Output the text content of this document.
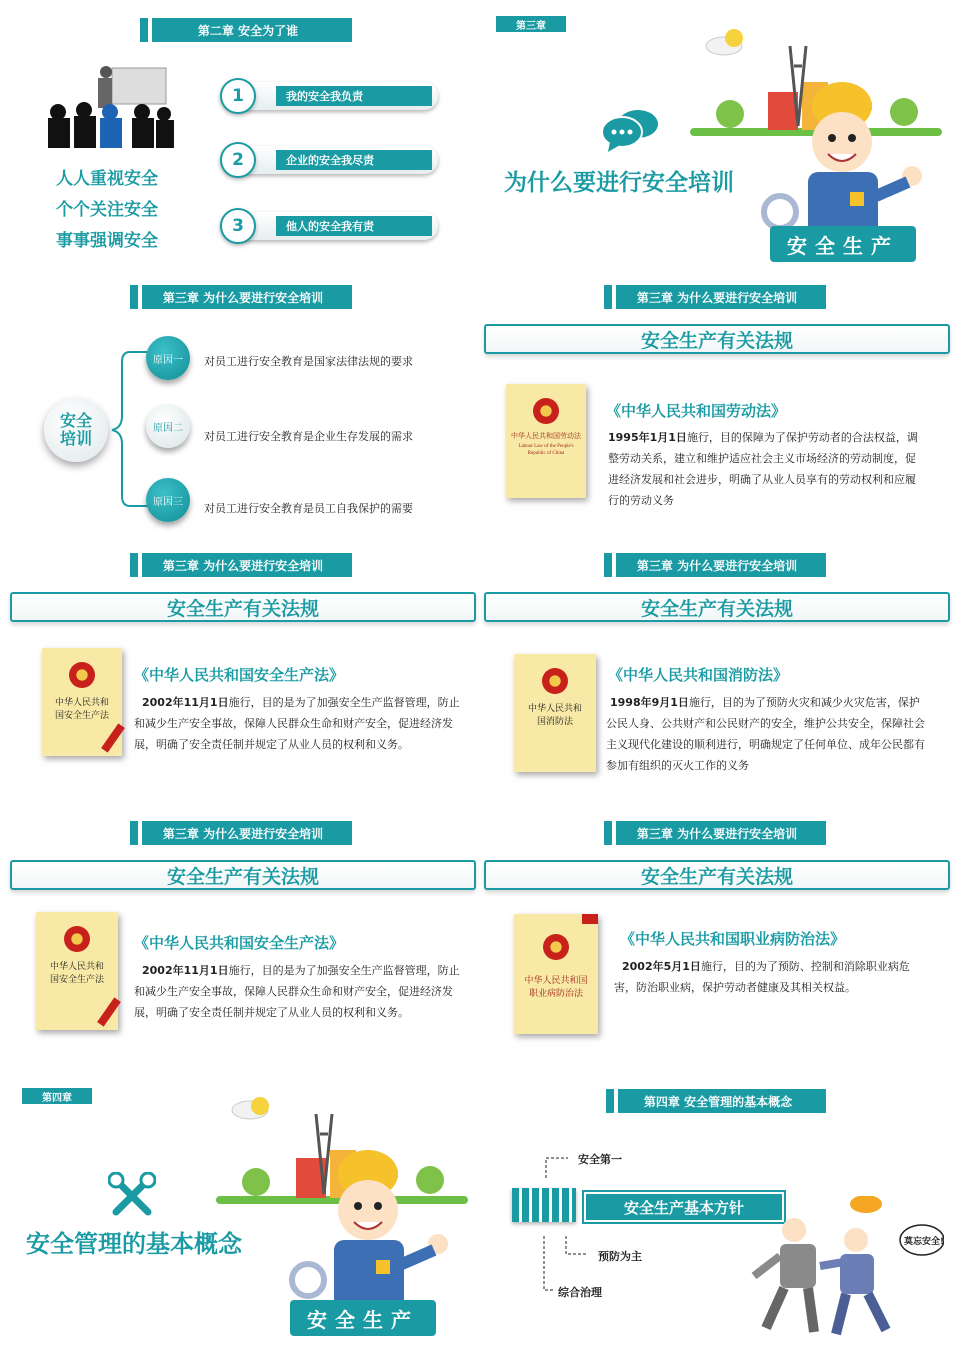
第二章 安全为了谁
人人重视安全
个个关注安全
事事强调安全
我的安全我负责
1
企业的安全我尽责
2
他人的安全我有责
3
第三章
为什么要进行安全培训
安全生产
第三章 为什么要进行安全培训
安全培训
原因一	对员工进行安全教育是国家法律法规的要求
原因二
对员工进行安全教育是企业生存发展的需求
原因三	对员工进行安全教育是员工自我保护的需要
第三章 为什么要进行安全培训
安全生产有关法规
中华人民共和国劳动法
Labour Law of the People's Republic of China
《中华人民共和国劳动法》
1995年1月1日施行，目的保障为了保护劳动者的合法权益，调整劳动关系，建立和维护适应社会主义市场经济的劳动制度，促进经济发展和社会进步，明确了从业人员享有的劳动权利和应履行的劳动义务
第三章 为什么要进行安全培训
安全生产有关法规
中华人民共和国安全生产法
《中华人民共和国安全生产法》
2002年11月1日施行，目的是为了加强安全生产监督管理，防止和减少生产安全事故，保障人民群众生命和财产安全，促进经济发展，明确了安全责任制并规定了从业人员的权利和义务。
第三章 为什么要进行安全培训
安全生产有关法规
中华人民共和国消防法
《中华人民共和国消防法》
1998年9月1日施行，目的为了预防火灾和减少火灾危害，保护公民人身、公共财产和公民财产的安全，维护公共安全，保障社会主义现代化建设的顺利进行，明确规定了任何单位、成年公民都有参加有组织的灭火工作的义务
第三章 为什么要进行安全培训
安全生产有关法规
中华人民共和国安全生产法
《中华人民共和国安全生产法》
2002年11月1日施行，目的是为了加强安全生产监督管理，防止和减少生产安全事故，保障人民群众生命和财产安全，促进经济发展，明确了安全责任制并规定了从业人员的权利和义务。
第三章 为什么要进行安全培训
安全生产有关法规
中华人民共和国职业病防治法
《中华人民共和国职业病防治法》
2002年5月1日施行，目的为了预防、控制和消除职业病危害，防治职业病，保护劳动者健康及其相关权益。
第四章
安全管理的基本概念
安全生产
第四章 安全管理的基本概念
安全生产基本方针
安全第一
预防为主
综合治理
莫忘安全!
